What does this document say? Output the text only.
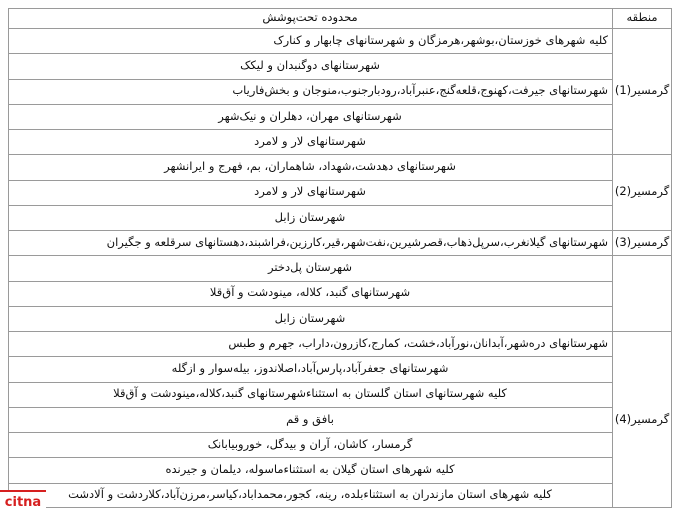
منطقه
محدوده تحت‌پوشش
کلیه شهرهای خوزستان،بوشهر،هرمزگان و شهرستانهای چابهار و کنارک
شهرستانهای دوگنبدان و لیکک
شهرستانهای جیرفت،کهنوج،قلعه‌گنج،عنبرآباد،رودبارجنوب،منوجان و بخش‌فاریاب
شهرستانهای مهران، دهلران و نیک‌شهر
شهرستانهای لار و لامرد
شهرستانهای دهدشت،شهداد، شاهماران، بم، فهرج و ایرانشهر
شهرستانهای لار و لامرد
شهرستان زابل
شهرستانهای گیلانغرب،سرپل‌ذهاب،قصرشیرین،نفت‌شهر،قیر،کارزین،فراشبند،دهستانهای سرقلعه و جگیران
شهرستان پل‌دختر
شهرستانهای گنبد، کلاله، مینودشت و آق‌قلا
شهرستان زابل
شهرستانهای دره‌شهر،آبدانان،نورآباد،خشت، کمارج،کازرون،داراب، جهرم و طبس
شهرستانهای جعفرآباد،پارس‌آباد،اصلاندوز، بیله‌سوار و ازگله
کلیه شهرستانهای استان گلستان به استثناءشهرستانهای گنبد،کلاله،مینودشت و آق‌قلا
بافق و قم
گرمسار، کاشان، آران و بیدگل، خوروبیابانک
کلیه شهرهای استان گیلان به استثناءماسوله، دیلمان و جیرنده
کلیه شهرهای استان مازندران به استثناءبلده، رینه، کجور،محمداباد،کیاسر،مرزن‌آباد،کلاردشت و آلادشت
گرمسیر(1)
گرمسیر(2)
گرمسیر(3)
گرمسیر(4)
citna
